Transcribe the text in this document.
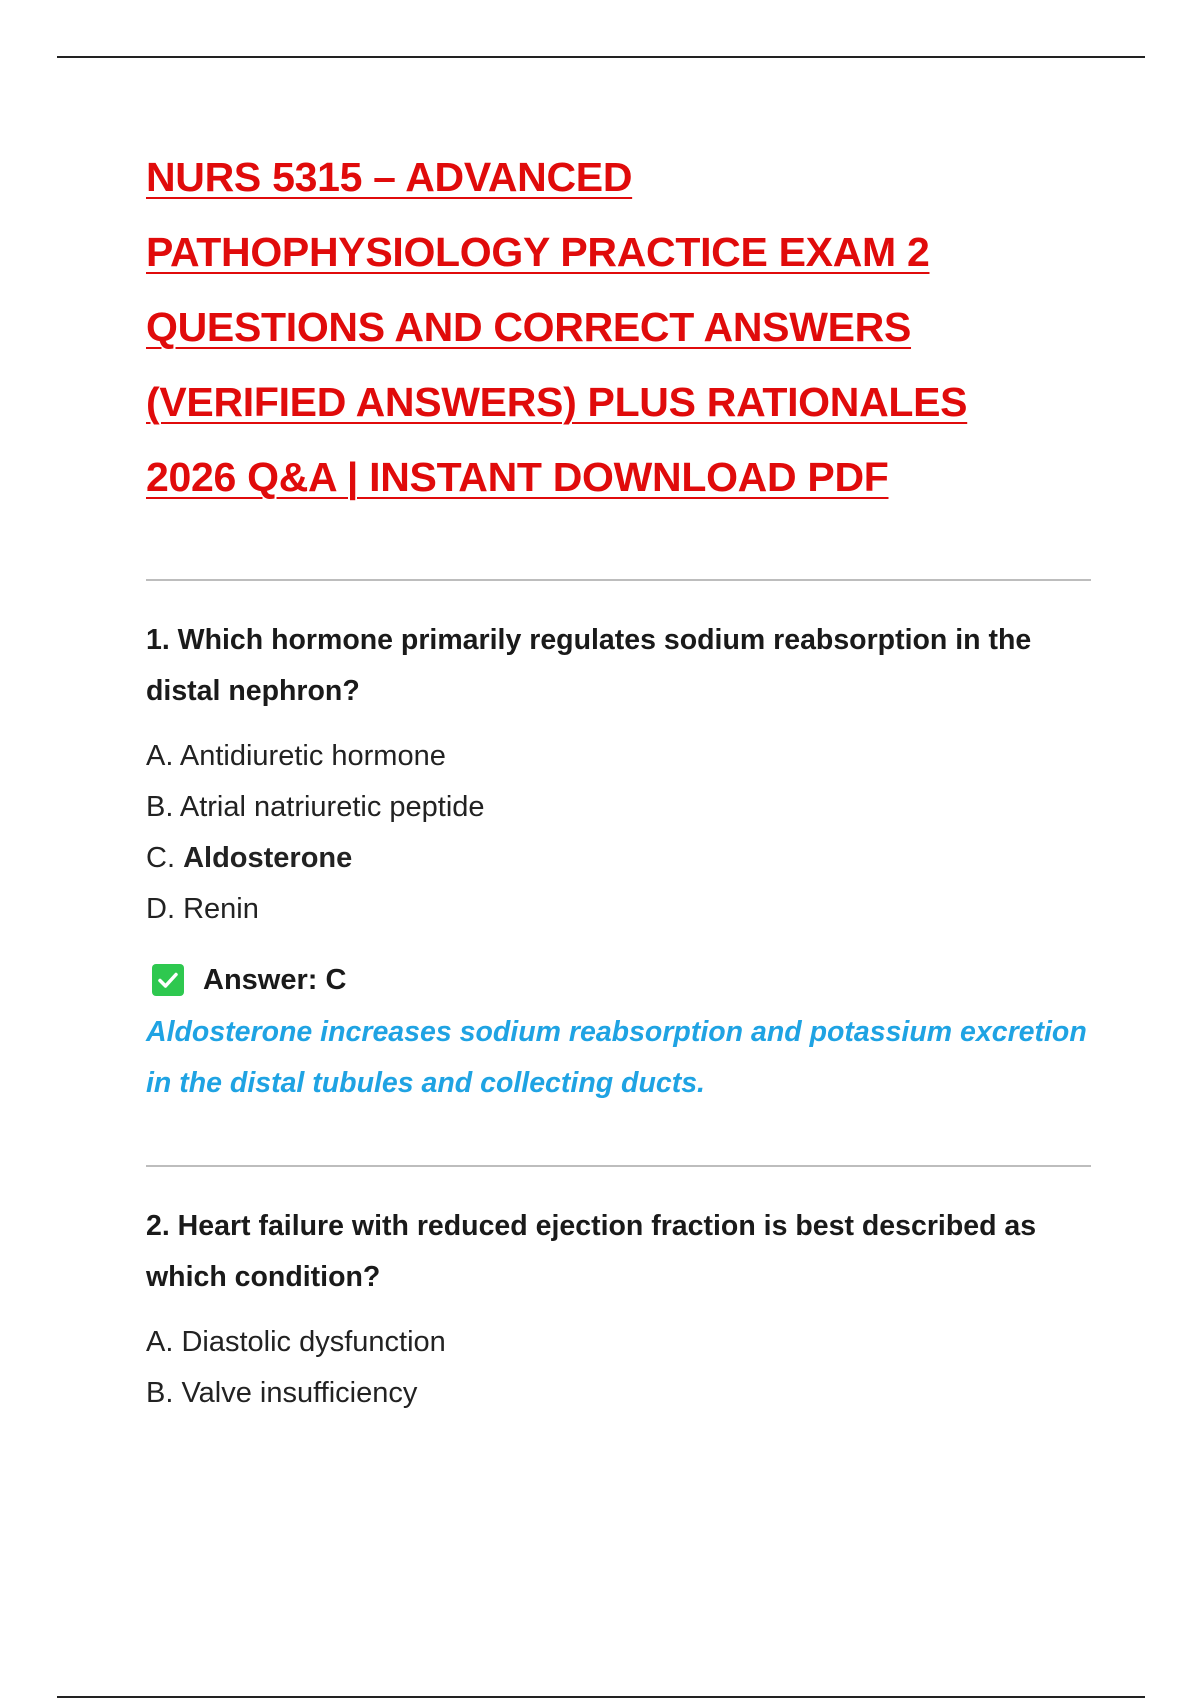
NURS 5315 – ADVANCED
PATHOPHYSIOLOGY PRACTICE EXAM 2
QUESTIONS AND CORRECT ANSWERS
(VERIFIED ANSWERS) PLUS RATIONALES
2026 Q&A | INSTANT DOWNLOAD PDF

1. Which hormone primarily regulates sodium reabsorption in the distal nephron?

A. Antidiuretic hormone
B. Atrial natriuretic peptide
C. Aldosterone
D. Renin
Answer: C

Aldosterone increases sodium reabsorption and potassium excretion in the distal tubules and collecting ducts.

2. Heart failure with reduced ejection fraction is best described as which condition?

A. Diastolic dysfunction
B. Valve insufficiency
